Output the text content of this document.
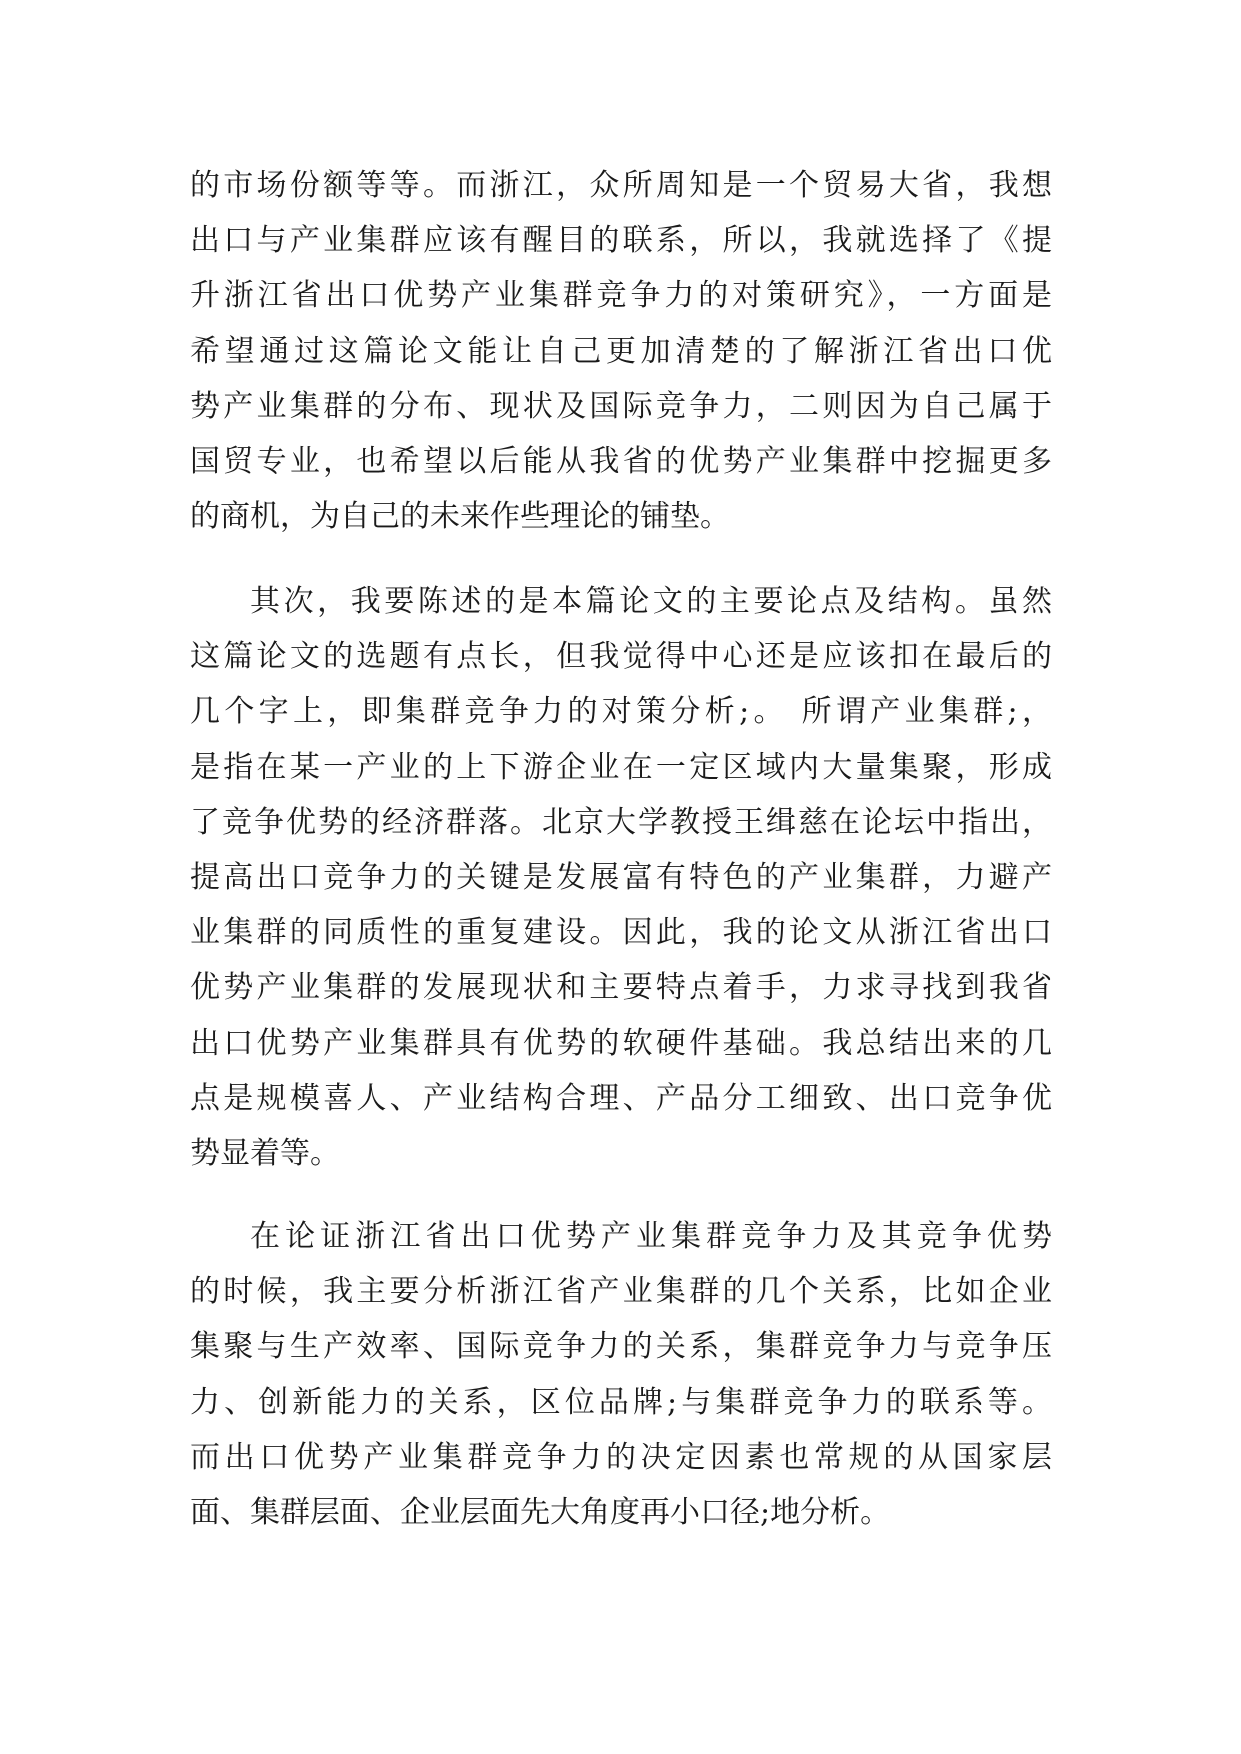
的市场份额等等。而浙江，众所周知是一个贸易大省，我想
出口与产业集群应该有醒目的联系，所以，我就选择了《提
升浙江省出口优势产业集群竞争力的对策研究》，一方面是
希望通过这篇论文能让自己更加清楚的了解浙江省出口优
势产业集群的分布、现状及国际竞争力，二则因为自己属于
国贸专业，也希望以后能从我省的优势产业集群中挖掘更多
的商机，为自己的未来作些理论的铺垫。
其次，我要陈述的是本篇论文的主要论点及结构。虽然
这篇论文的选题有点长，但我觉得中心还是应该扣在最后的
几个字上，即集群竞争力的对策分析;。 所谓产业集群;，
是指在某一产业的上下游企业在一定区域内大量集聚，形成
了竞争优势的经济群落。北京大学教授王缉慈在论坛中指出，
提高出口竞争力的关键是发展富有特色的产业集群，力避产
业集群的同质性的重复建设。因此，我的论文从浙江省出口
优势产业集群的发展现状和主要特点着手，力求寻找到我省
出口优势产业集群具有优势的软硬件基础。我总结出来的几
点是规模喜人、产业结构合理、产品分工细致、出口竞争优
势显着等。
在论证浙江省出口优势产业集群竞争力及其竞争优势
的时候，我主要分析浙江省产业集群的几个关系，比如企业
集聚与生产效率、国际竞争力的关系，集群竞争力与竞争压
力、创新能力的关系，区位品牌;与集群竞争力的联系等。
而出口优势产业集群竞争力的决定因素也常规的从国家层
面、集群层面、企业层面先大角度再小口径;地分析。
